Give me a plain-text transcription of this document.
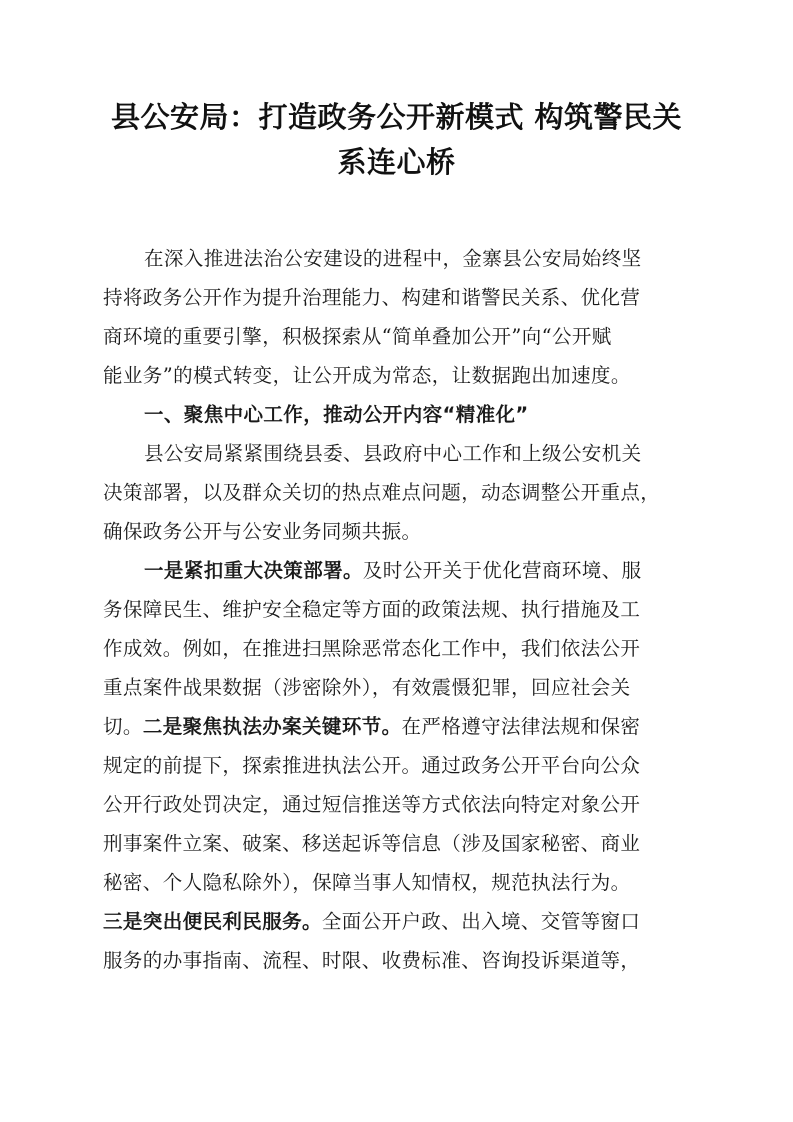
县公安局：打造政务公开新模式 构筑警民关
系连心桥
在深入推进法治公安建设的进程中，金寨县公安局始终坚
持将政务公开作为提升治理能力、构建和谐警民关系、优化营
商环境的重要引擎，积极探索从“简单叠加公开”向“公开赋
能业务”的模式转变，让公开成为常态，让数据跑出加速度。
一、聚焦中心工作，推动公开内容“精准化”
县公安局紧紧围绕县委、县政府中心工作和上级公安机关
决策部署，以及群众关切的热点难点问题，动态调整公开重点，
确保政务公开与公安业务同频共振。
一是紧扣重大决策部署。及时公开关于优化营商环境、服
务保障民生、维护安全稳定等方面的政策法规、执行措施及工
作成效。例如，在推进扫黑除恶常态化工作中，我们依法公开
重点案件战果数据（涉密除外），有效震慑犯罪，回应社会关
切。二是聚焦执法办案关键环节。在严格遵守法律法规和保密
规定的前提下，探索推进执法公开。通过政务公开平台向公众
公开行政处罚决定，通过短信推送等方式依法向特定对象公开
刑事案件立案、破案、移送起诉等信息（涉及国家秘密、商业
秘密、个人隐私除外），保障当事人知情权，规范执法行为。
三是突出便民利民服务。全面公开户政、出入境、交管等窗口
服务的办事指南、流程、时限、收费标准、咨询投诉渠道等，
